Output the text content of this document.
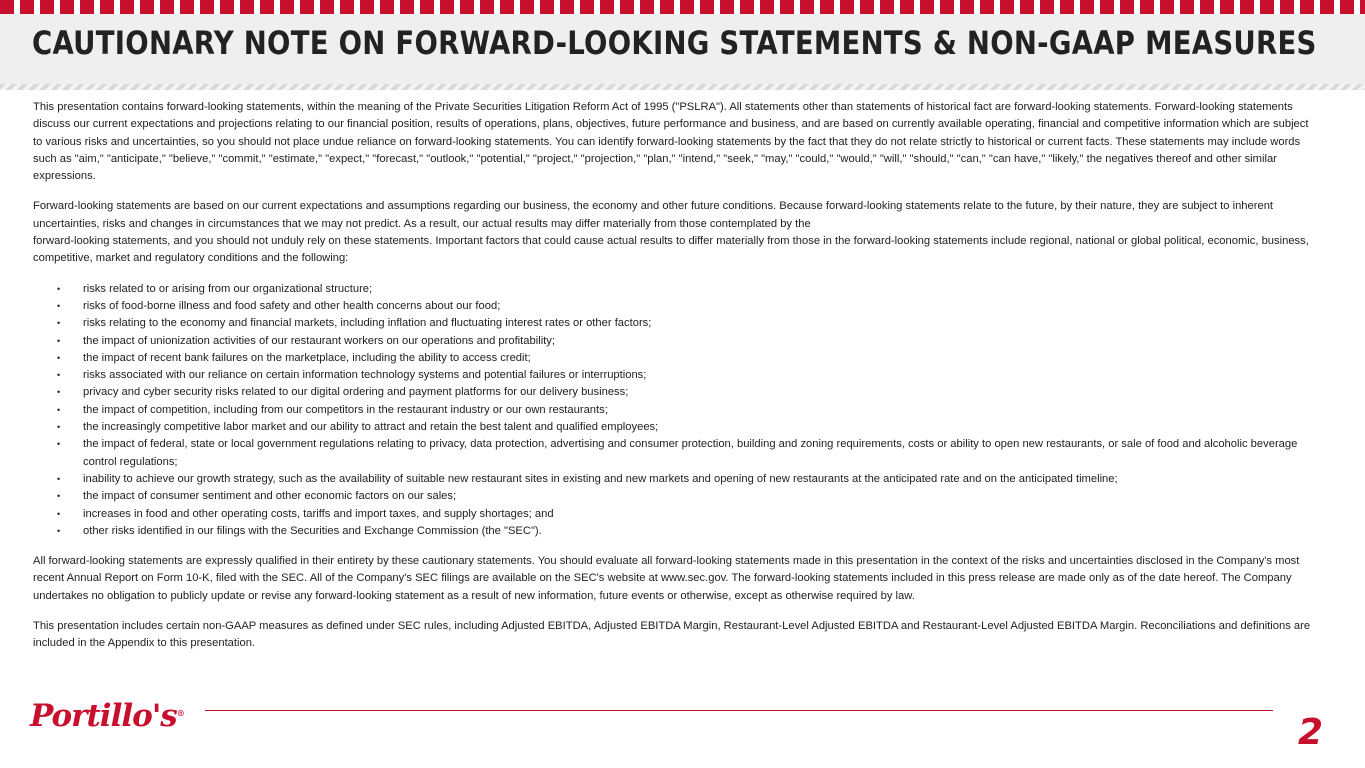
CAUTIONARY NOTE ON FORWARD-LOOKING STATEMENTS & NON-GAAP MEASURES

This presentation contains forward-looking statements, within the meaning of the Private Securities Litigation Reform Act of 1995 ("PSLRA"). All statements other than statements of historical fact are forward-looking statements. Forward-looking statements discuss our current expectations and projections relating to our financial position, results of operations, plans, objectives, future performance and business, and are based on currently available operating, financial and competitive information which are subject to various risks and uncertainties, so you should not place undue reliance on forward-looking statements. You can identify forward-looking statements by the fact that they do not relate strictly to historical or current facts. These statements may include words such as "aim," "anticipate," "believe," "commit," "estimate," "expect," "forecast," "outlook," "potential," "project," "projection," "plan," "intend," "seek," "may," "could," "would," "will," "should," "can," "can have," "likely," the negatives thereof and other similar expressions.

Forward-looking statements are based on our current expectations and assumptions regarding our business, the economy and other future conditions. Because forward-looking statements relate to the future, by their nature, they are subject to inherent uncertainties, risks and changes in circumstances that we may not predict. As a result, our actual results may differ materially from those contemplated by the
forward-looking statements, and you should not unduly rely on these statements. Important factors that could cause actual results to differ materially from those in the forward-looking statements include regional, national or global political, economic, business, competitive, market and regulatory conditions and the following:

• risks related to or arising from our organizational structure;
• risks of food-borne illness and food safety and other health concerns about our food;
• risks relating to the economy and financial markets, including inflation and fluctuating interest rates or other factors;
• the impact of unionization activities of our restaurant workers on our operations and profitability;
• the impact of recent bank failures on the marketplace, including the ability to access credit;
• risks associated with our reliance on certain information technology systems and potential failures or interruptions;
• privacy and cyber security risks related to our digital ordering and payment platforms for our delivery business;
• the impact of competition, including from our competitors in the restaurant industry or our own restaurants;
• the increasingly competitive labor market and our ability to attract and retain the best talent and qualified employees;
• the impact of federal, state or local government regulations relating to privacy, data protection, advertising and consumer protection, building and zoning requirements, costs or ability to open new restaurants, or sale of food and alcoholic beverage control regulations;
• inability to achieve our growth strategy, such as the availability of suitable new restaurant sites in existing and new markets and opening of new restaurants at the anticipated rate and on the anticipated timeline;
• the impact of consumer sentiment and other economic factors on our sales;
• increases in food and other operating costs, tariffs and import taxes, and supply shortages; and
• other risks identified in our filings with the Securities and Exchange Commission (the "SEC").

All forward-looking statements are expressly qualified in their entirety by these cautionary statements. You should evaluate all forward-looking statements made in this presentation in the context of the risks and uncertainties disclosed in the Company's most recent Annual Report on Form 10-K, filed with the SEC. All of the Company's SEC filings are available on the SEC's website at www.sec.gov. The forward-looking statements included in this press release are made only as of the date hereof. The Company undertakes no obligation to publicly update or revise any forward-looking statement as a result of new information, future events or otherwise, except as otherwise required by law.

This presentation includes certain non-GAAP measures as defined under SEC rules, including Adjusted EBITDA, Adjusted EBITDA Margin, Restaurant-Level Adjusted EBITDA and Restaurant-Level Adjusted EBITDA Margin. Reconciliations and definitions are included in the Appendix to this presentation.

Portillo's®	2
